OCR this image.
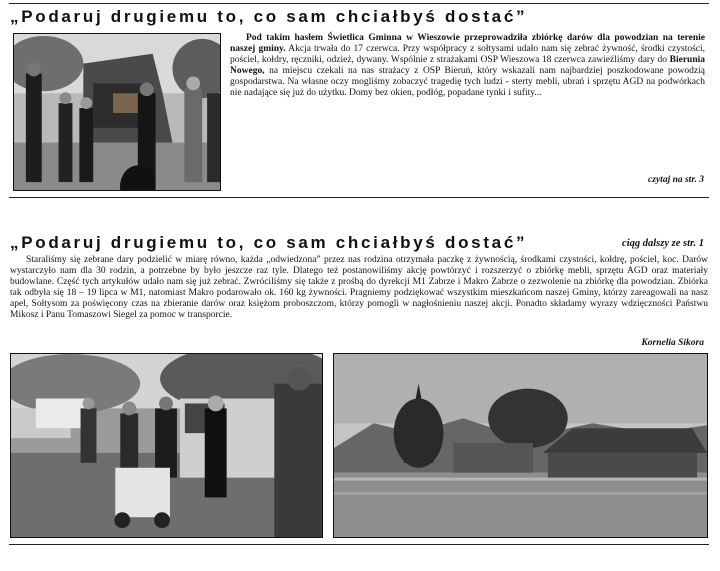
„Podaruj drugiemu to, co sam chciałbyś dostać”
Pod takim hasłem Świetlica Gminna w Wieszowie przeprowadziła zbiórkę darów dla powodzian na terenie naszej gminy. Akcja trwała do 17 czerwca. Przy współpracy z sołtysami udało nam się zebrać żywność, środki czystości, pościel, kołdry, ręczniki, odzież, dywany. Wspólnie z strażakami OSP Wieszowa 18 czerwca zawieźliśmy dary do Bierunia Nowego, na miejscu czekali na nas strażacy z OSP Bieruń, który wskazali nam najbardziej poszkodowane powodzią gospodarstwa. Na własne oczy mogliśmy zobaczyć tragedię tych ludzi - sterty mebli, ubrań i sprzętu AGD na podwórkach nie nadające się już do użytku. Domy bez okien, podłóg, popadane tynki i sufity...
czytaj na str. 3
„Podaruj drugiemu to, co sam chciałbyś dostać”	ciąg dalszy ze str. 1
Staraliśmy się zebrane dary podzielić w miarę równo, każda „odwiedzona” przez nas rodzina otrzymała paczkę z żywnością, środkami czystości, kołdrę, pościel, koc. Darów wystarczyło nam dla 30 rodzin, a potrzebne by było jeszcze raz tyle. Dlatego też postanowiliśmy akcję powtórzyć i rozszerzyć o zbiórkę mebli, sprzętu AGD oraz materiały budowlane. Część tych artykułów udało nam się już zebrać. Zwróciliśmy się także z prośbą do dyrekcji M1 Zabrze i Makro Zabrze o zezwolenie na zbiórkę dla powodzian. Zbiórka tak odbyła się 18 – 19 lipca w M1, natomiast Makro podarowało ok. 160 kg żywności. Pragniemy podziękować wszystkim mieszkańcom naszej Gminy, którzy zareagowali na nasz apel, Sołtysom za poświęcony czas na zbieranie darów oraz księżom proboszczom, którzy pomogli w nagłośnieniu naszej akcji. Ponadto składamy wyrazy wdzięczności Państwu Mikosz i Panu Tomaszowi Siegel za pomoc w transporcie.
Kornelia Sikora
